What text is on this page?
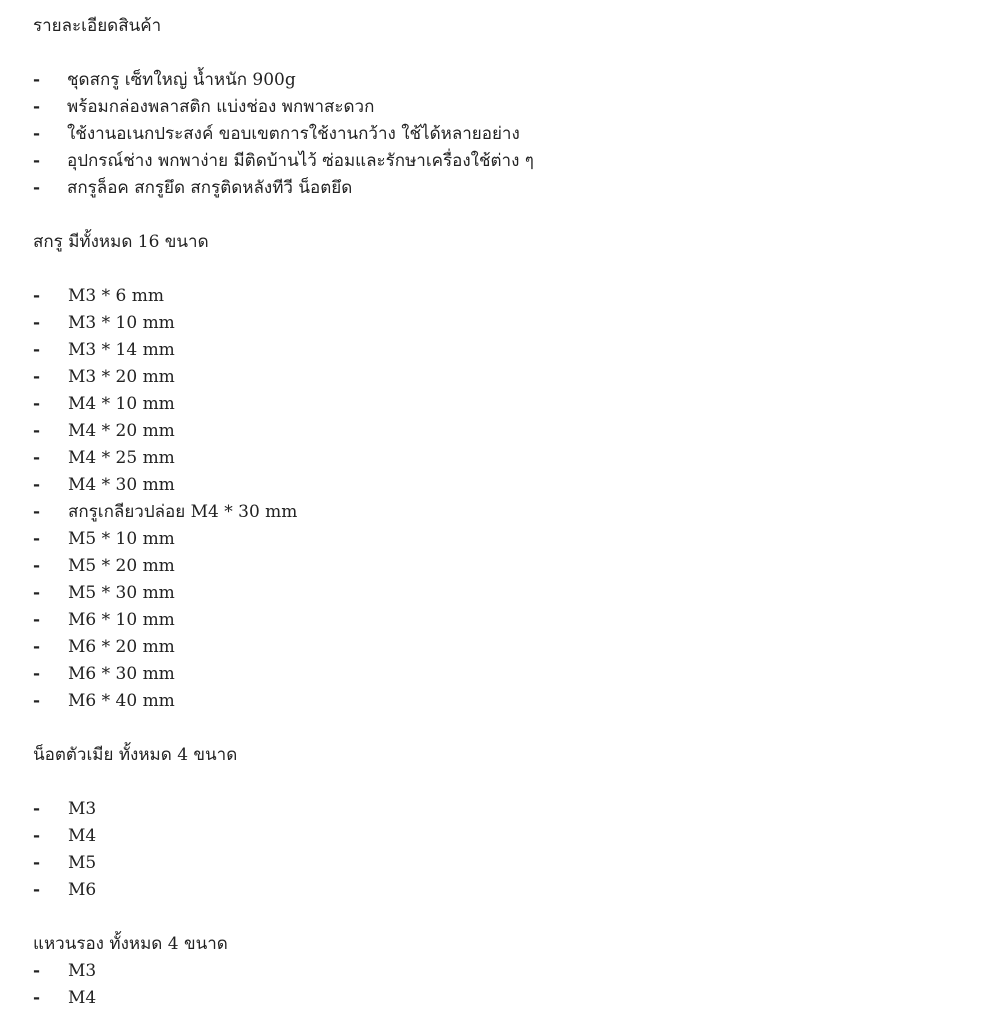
รายละเอียดสินค้า
- ชุดสกรู เซ็ทใหญ่ น้ำหนัก 900g
- พร้อมกล่องพลาสติก แบ่งช่อง พกพาสะดวก
- ใช้งานอเนกประสงค์ ขอบเขตการใช้งานกว้าง ใช้ได้หลายอย่าง
- อุปกรณ์ช่าง พกพาง่าย มีติดบ้านไว้ ซ่อมและรักษาเครื่องใช้ต่าง ๆ
- สกรูล็อค สกรูยึด สกรูติดหลังทีวี น็อตยึด
สกรู มีทั้งหมด 16 ขนาด
- M3 * 6 mm
- M3 * 10 mm
- M3 * 14 mm
- M3 * 20 mm
- M4 * 10 mm
- M4 * 20 mm
- M4 * 25 mm
- M4 * 30 mm
- สกรูเกลียวปล่อย M4 * 30 mm
- M5 * 10 mm
- M5 * 20 mm
- M5 * 30 mm
- M6 * 10 mm
- M6 * 20 mm
- M6 * 30 mm
- M6 * 40 mm
น็อตตัวเมีย ทั้งหมด 4 ขนาด
- M3
- M4
- M5
- M6
แหวนรอง ทั้งหมด 4 ขนาด
- M3
- M4
